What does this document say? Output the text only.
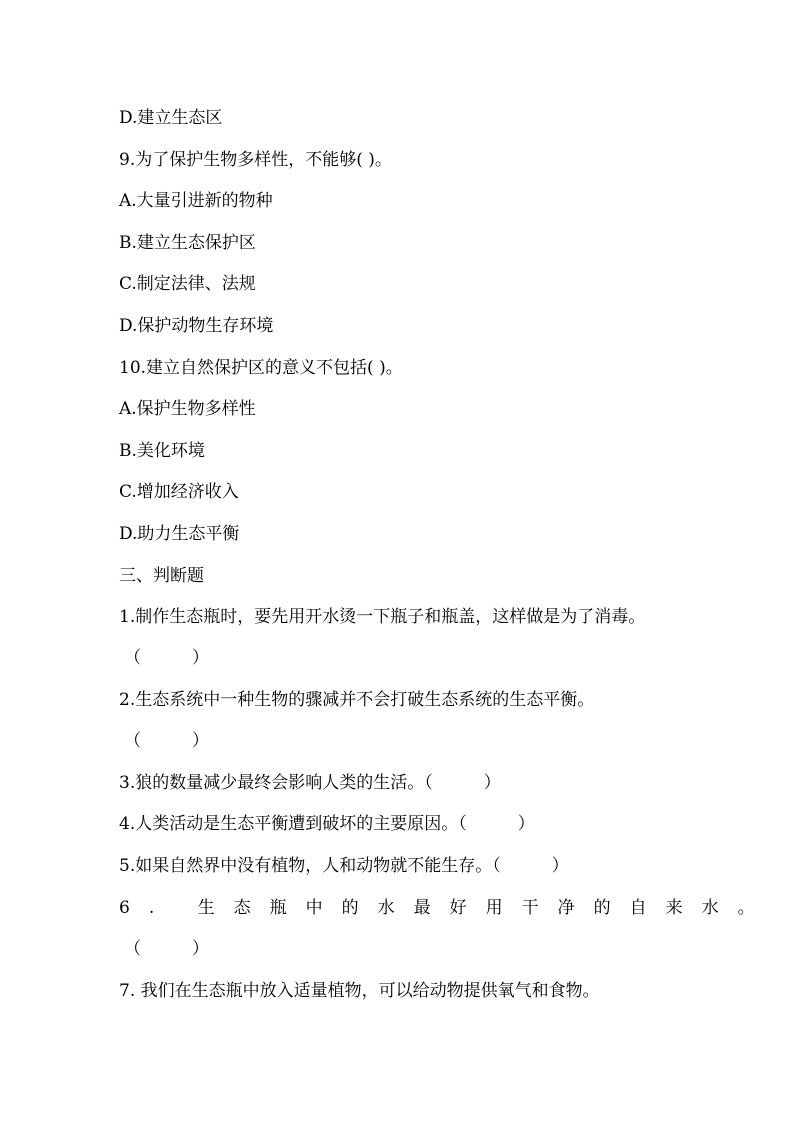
D.建立生态区
9.为了保护生物多样性，不能够( )。
A.大量引进新的物种
B.建立生态保护区
C.制定法律、法规
D.保护动物生存环境
10.建立自然保护区的意义不包括( )。
A.保护生物多样性
B.美化环境
C.增加经济收入
D.助力生态平衡
三、判断题
1.制作生态瓶时，要先用开水烫一下瓶子和瓶盖，这样做是为了消毒。
（　　　）
2.生态系统中一种生物的骤减并不会打破生态系统的生态平衡。
（　　　）
3.狼的数量减少最终会影响人类的生活。（　　　）
4.人类活动是生态平衡遭到破坏的主要原因。（　　　）
5.如果自然界中没有植物，人和动物就不能生存。（　　　）
6. 生态瓶中的水最好用干净的自来水。
（　　　）
7. 我们在生态瓶中放入适量植物，可以给动物提供氧气和食物。
